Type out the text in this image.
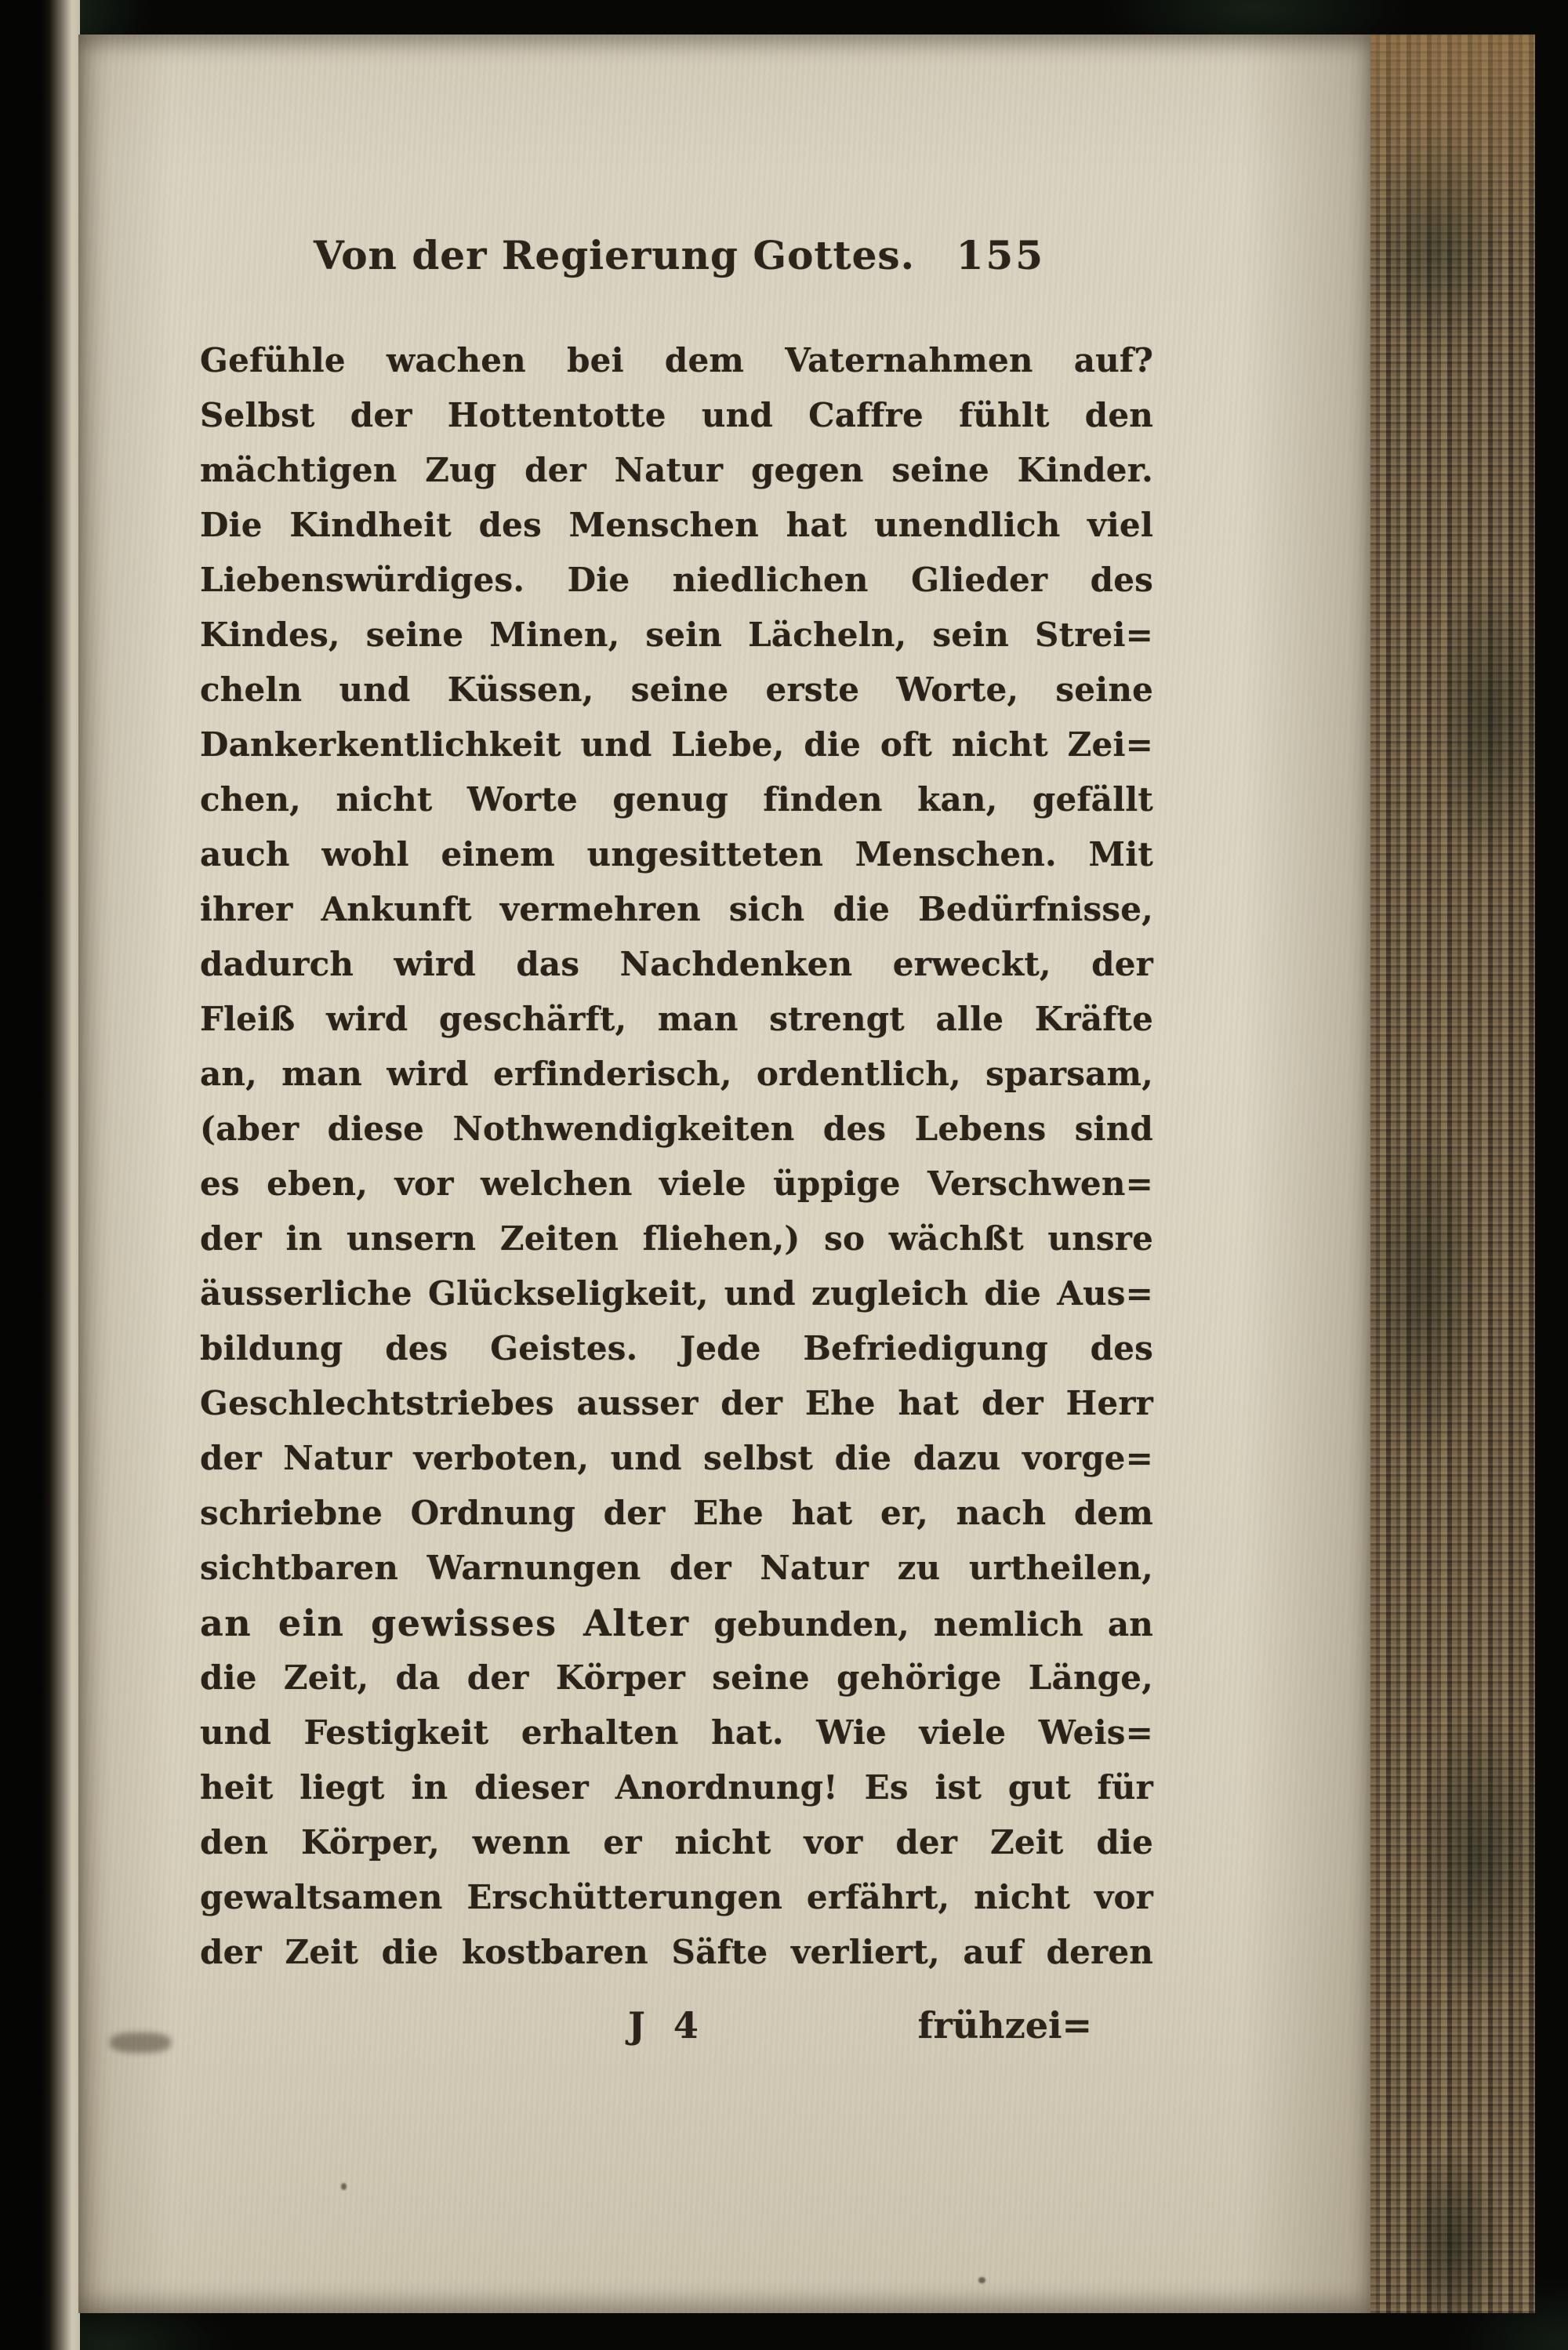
Von der Regierung Gottes. 155
Gefühle wachen bei dem Vaternahmen auf?
Selbst der Hottentotte und Caffre fühlt den
mächtigen Zug der Natur gegen seine Kinder.
Die Kindheit des Menschen hat unendlich viel
Liebenswürdiges. Die niedlichen Glieder des
Kindes, seine Minen, sein Lächeln, sein Strei=
cheln und Küssen, seine erste Worte, seine
Dankerkentlichkeit und Liebe, die oft nicht Zei=
chen, nicht Worte genug finden kan, gefällt
auch wohl einem ungesitteten Menschen. Mit
ihrer Ankunft vermehren sich die Bedürfnisse,
dadurch wird das Nachdenken erweckt, der
Fleiß wird geschärft, man strengt alle Kräfte
an, man wird erfinderisch, ordentlich, sparsam,
(aber diese Nothwendigkeiten des Lebens sind
es eben, vor welchen viele üppige Verschwen=
der in unsern Zeiten fliehen,) so wächßt unsre
äusserliche Glückseligkeit, und zugleich die Aus=
bildung des Geistes. Jede Befriedigung des
Geschlechtstriebes ausser der Ehe hat der Herr
der Natur verboten, und selbst die dazu vorge=
schriebne Ordnung der Ehe hat er, nach dem
sichtbaren Warnungen der Natur zu urtheilen,
an ein gewisses Alter gebunden, nemlich an
die Zeit, da der Körper seine gehörige Länge,
und Festigkeit erhalten hat. Wie viele Weis=
heit liegt in dieser Anordnung! Es ist gut für
den Körper, wenn er nicht vor der Zeit die
gewaltsamen Erschütterungen erfährt, nicht vor
der Zeit die kostbaren Säfte verliert, auf deren
J 4	frühzei=
